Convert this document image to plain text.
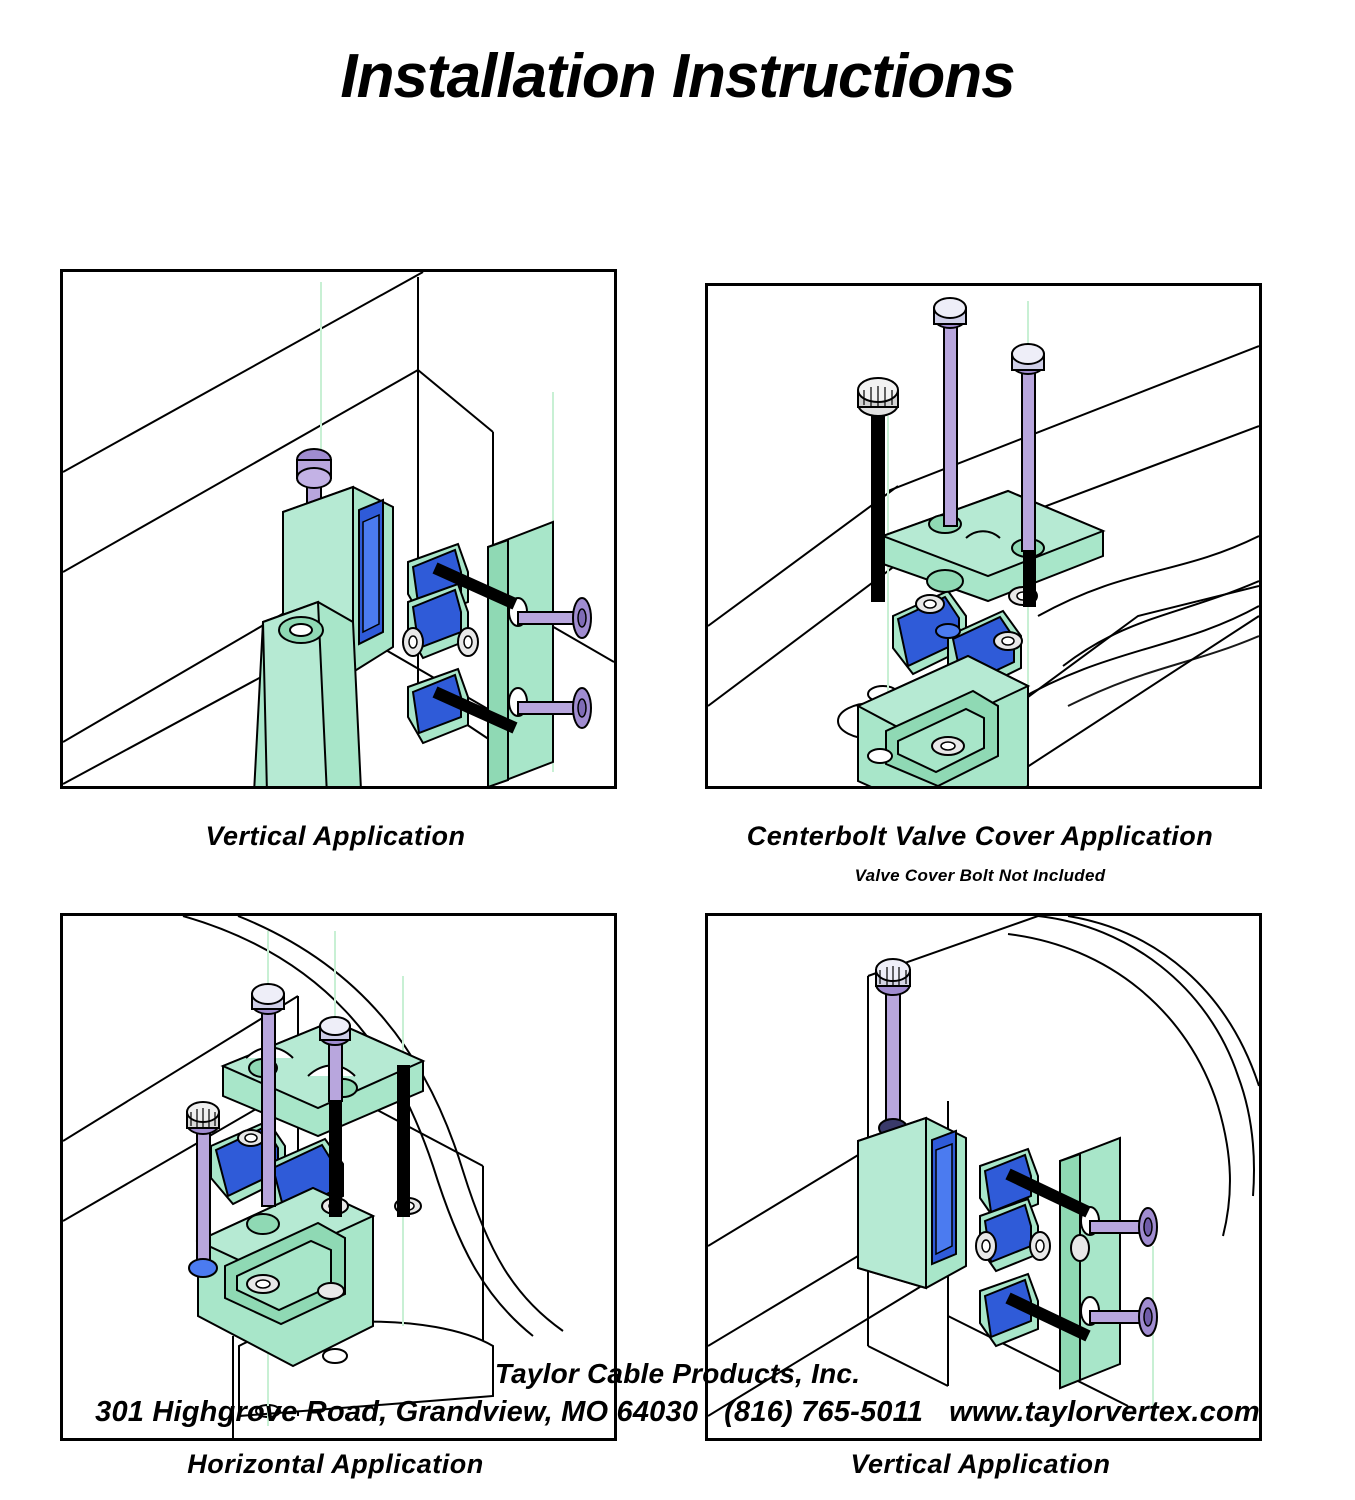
Installation Instructions
Vertical Application	Centerbolt Valve Cover Application
Valve Cover Bolt Not Included
Horizontal Application	Vertical Application
Taylor Cable Products, Inc.
301 Highgrove Road, Grandview, MO 64030 (816) 765-5011 www.taylorvertex.com
